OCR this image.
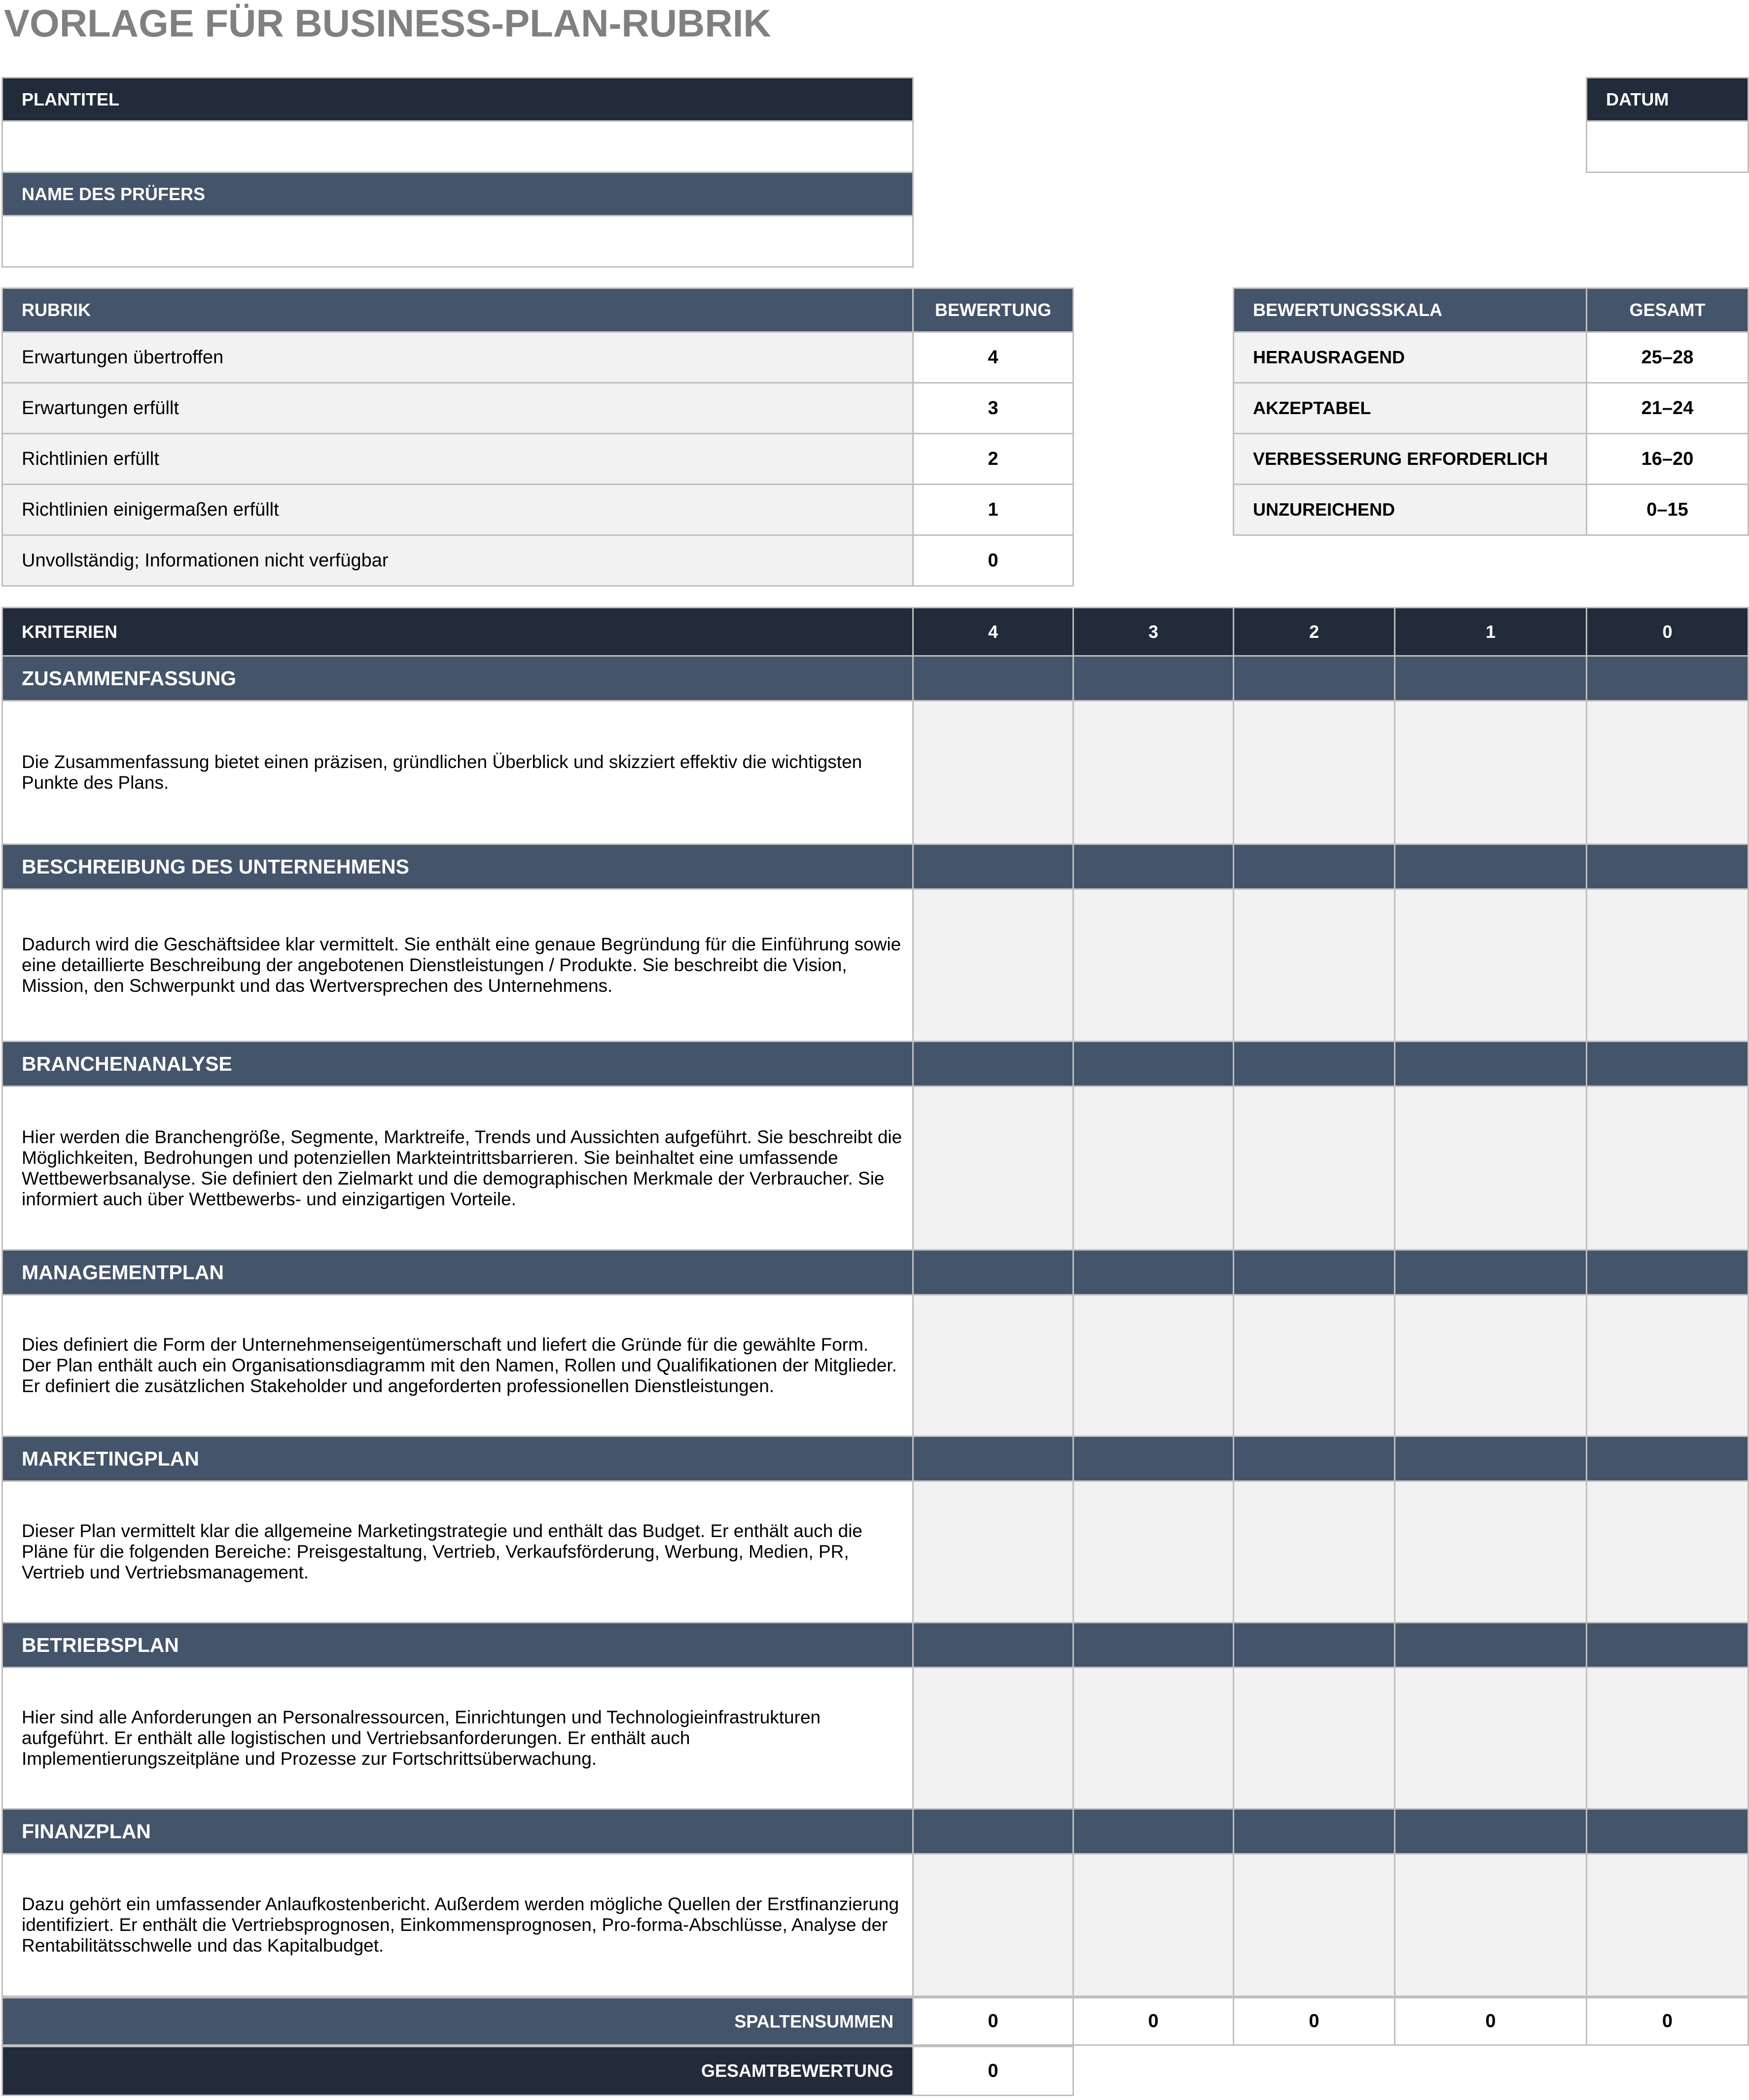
VORLAGE FÜR BUSINESS-PLAN-RUBRIK
PLANTITEL
NAME DES PRÜFERS
DATUM
RUBRIK	BEWERTUNG
Erwartungen übertroffen	4
Erwartungen erfüllt	3
Richtlinien erfüllt	2
Richtlinien einigermaßen erfüllt	1
Unvollständig; Informationen nicht verfügbar	0
BEWERTUNGSSKALA	GESAMT
HERAUSRAGEND	25–28
AKZEPTABEL	21–24
VERBESSERUNG ERFORDERLICH	16–20
UNZUREICHEND	0–15
KRITERIEN	4	3	2	1	0
ZUSAMMENFASSUNG
Die Zusammenfassung bietet einen präzisen, gründlichen Überblick und skizziert effektiv die wichtigsten Punkte des Plans.
BESCHREIBUNG DES UNTERNEHMENS
Dadurch wird die Geschäftsidee klar vermittelt. Sie enthält eine genaue Begründung für die Einführung sowie eine detaillierte Beschreibung der angebotenen Dienstleistungen / Produkte. Sie beschreibt die Vision, Mission, den Schwerpunkt und das Wertversprechen des Unternehmens.
BRANCHENANALYSE
Hier werden die Branchengröße, Segmente, Marktreife, Trends und Aussichten aufgeführt. Sie beschreibt die Möglichkeiten, Bedrohungen und potenziellen Markteintrittsbarrieren. Sie beinhaltet eine umfassende Wettbewerbsanalyse. Sie definiert den Zielmarkt und die demographischen Merkmale der Verbraucher. Sie informiert auch über Wettbewerbs- und einzigartigen Vorteile.
MANAGEMENTPLAN
Dies definiert die Form der Unternehmenseigentümerschaft und liefert die Gründe für die gewählte Form. Der Plan enthält auch ein Organisationsdiagramm mit den Namen, Rollen und Qualifikationen der Mitglieder. Er definiert die zusätzlichen Stakeholder und angeforderten professionellen Dienstleistungen.
MARKETINGPLAN
Dieser Plan vermittelt klar die allgemeine Marketingstrategie und enthält das Budget. Er enthält auch die Pläne für die folgenden Bereiche: Preisgestaltung, Vertrieb, Verkaufsförderung, Werbung, Medien, PR, Vertrieb und Vertriebsmanagement.
BETRIEBSPLAN
Hier sind alle Anforderungen an Personalressourcen, Einrichtungen und Technologieinfrastrukturen aufgeführt. Er enthält alle logistischen und Vertriebsanforderungen. Er enthält auch Implementierungszeitpläne und Prozesse zur Fortschrittsüberwachung.
FINANZPLAN
Dazu gehört ein umfassender Anlaufkostenbericht. Außerdem werden mögliche Quellen der Erstfinanzierung identifiziert. Er enthält die Vertriebsprognosen, Einkommensprognosen, Pro-forma-Abschlüsse, Analyse der Rentabilitätsschwelle und das Kapitalbudget.
SPALTENSUMMEN	0	0	0	0	0
GESAMTBEWERTUNG	0
